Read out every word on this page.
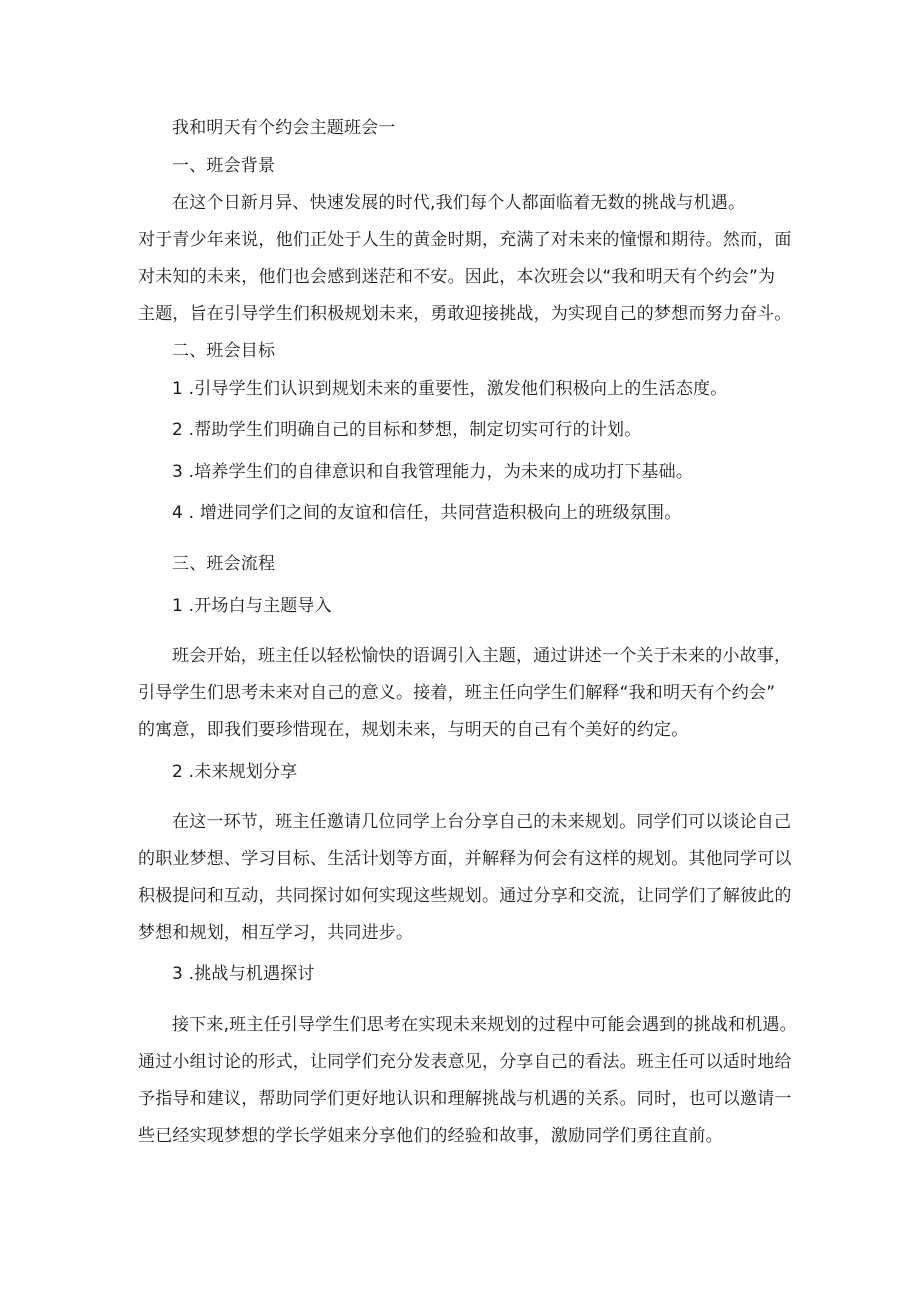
我和明天有个约会主题班会一
一、班会背景
在这个日新月异、快速发展的时代,我们每个人都面临着无数的挑战与机遇。
对于青少年来说，他们正处于人生的黄金时期，充满了对未来的憧憬和期待。然而，面
对未知的未来，他们也会感到迷茫和不安。因此，本次班会以“我和明天有个约会”为
主题，旨在引导学生们积极规划未来，勇敢迎接挑战，为实现自己的梦想而努力奋斗。
二、班会目标
1 .引导学生们认识到规划未来的重要性，激发他们积极向上的生活态度。
2 .帮助学生们明确自己的目标和梦想，制定切实可行的计划。
3 .培养学生们的自律意识和自我管理能力，为未来的成功打下基础。
4 . 增进同学们之间的友谊和信任，共同营造积极向上的班级氛围。
三、班会流程
1 .开场白与主题导入
班会开始，班主任以轻松愉快的语调引入主题，通过讲述一个关于未来的小故事，
引导学生们思考未来对自己的意义。接着，班主任向学生们解释“我和明天有个约会”
的寓意，即我们要珍惜现在，规划未来，与明天的自己有个美好的约定。
2 .未来规划分享
在这一环节，班主任邀请几位同学上台分享自己的未来规划。同学们可以谈论自己
的职业梦想、学习目标、生活计划等方面，并解释为何会有这样的规划。其他同学可以
积极提问和互动，共同探讨如何实现这些规划。通过分享和交流，让同学们了解彼此的
梦想和规划，相互学习，共同进步。
3 .挑战与机遇探讨
接下来,班主任引导学生们思考在实现未来规划的过程中可能会遇到的挑战和机遇。
通过小组讨论的形式，让同学们充分发表意见，分享自己的看法。班主任可以适时地给
予指导和建议，帮助同学们更好地认识和理解挑战与机遇的关系。同时，也可以邀请一
些已经实现梦想的学长学姐来分享他们的经验和故事，激励同学们勇往直前。
